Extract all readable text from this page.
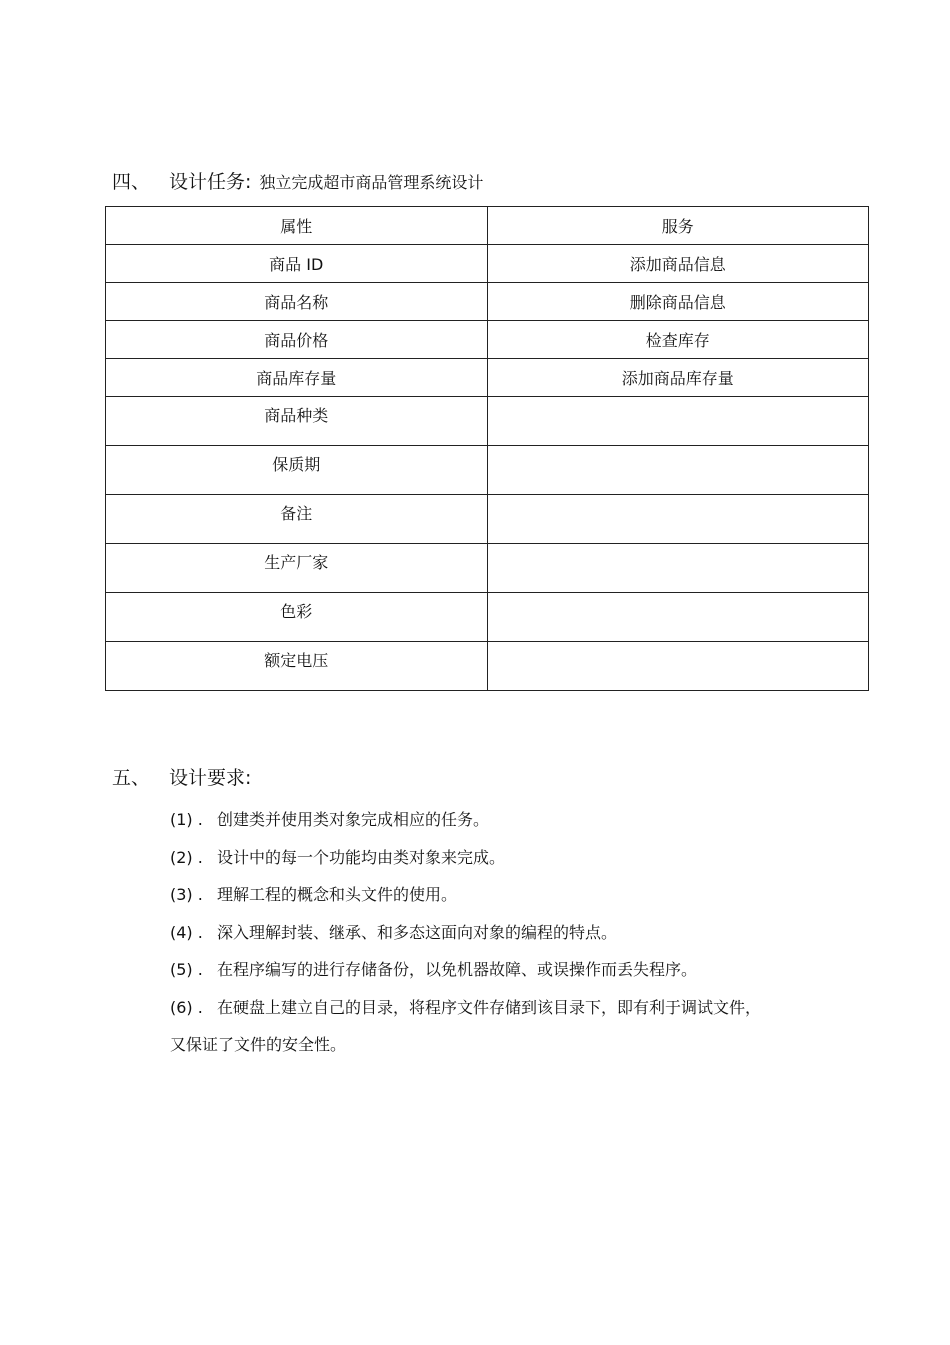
四、 设计任务: 独立完成超市商品管理系统设计
属性	服务
商品 ID	添加商品信息
商品名称	删除商品信息
商品价格	检查库存
商品库存量	添加商品库存量
商品种类	
保质期	
备注	
生产厂家	
色彩	
额定电压	
五、 设计要求:
(1) . 创建类并使用类对象完成相应的任务。
(2) . 设计中的每一个功能均由类对象来完成。
(3) . 理解工程的概念和头文件的使用。
(4) . 深入理解封装、继承、和多态这面向对象的编程的特点。
(5) . 在程序编写的进行存储备份，以免机器故障、或误操作而丢失程序。
(6) . 在硬盘上建立自己的目录，将程序文件存储到该目录下，即有利于调试文件，
又保证了文件的安全性。
